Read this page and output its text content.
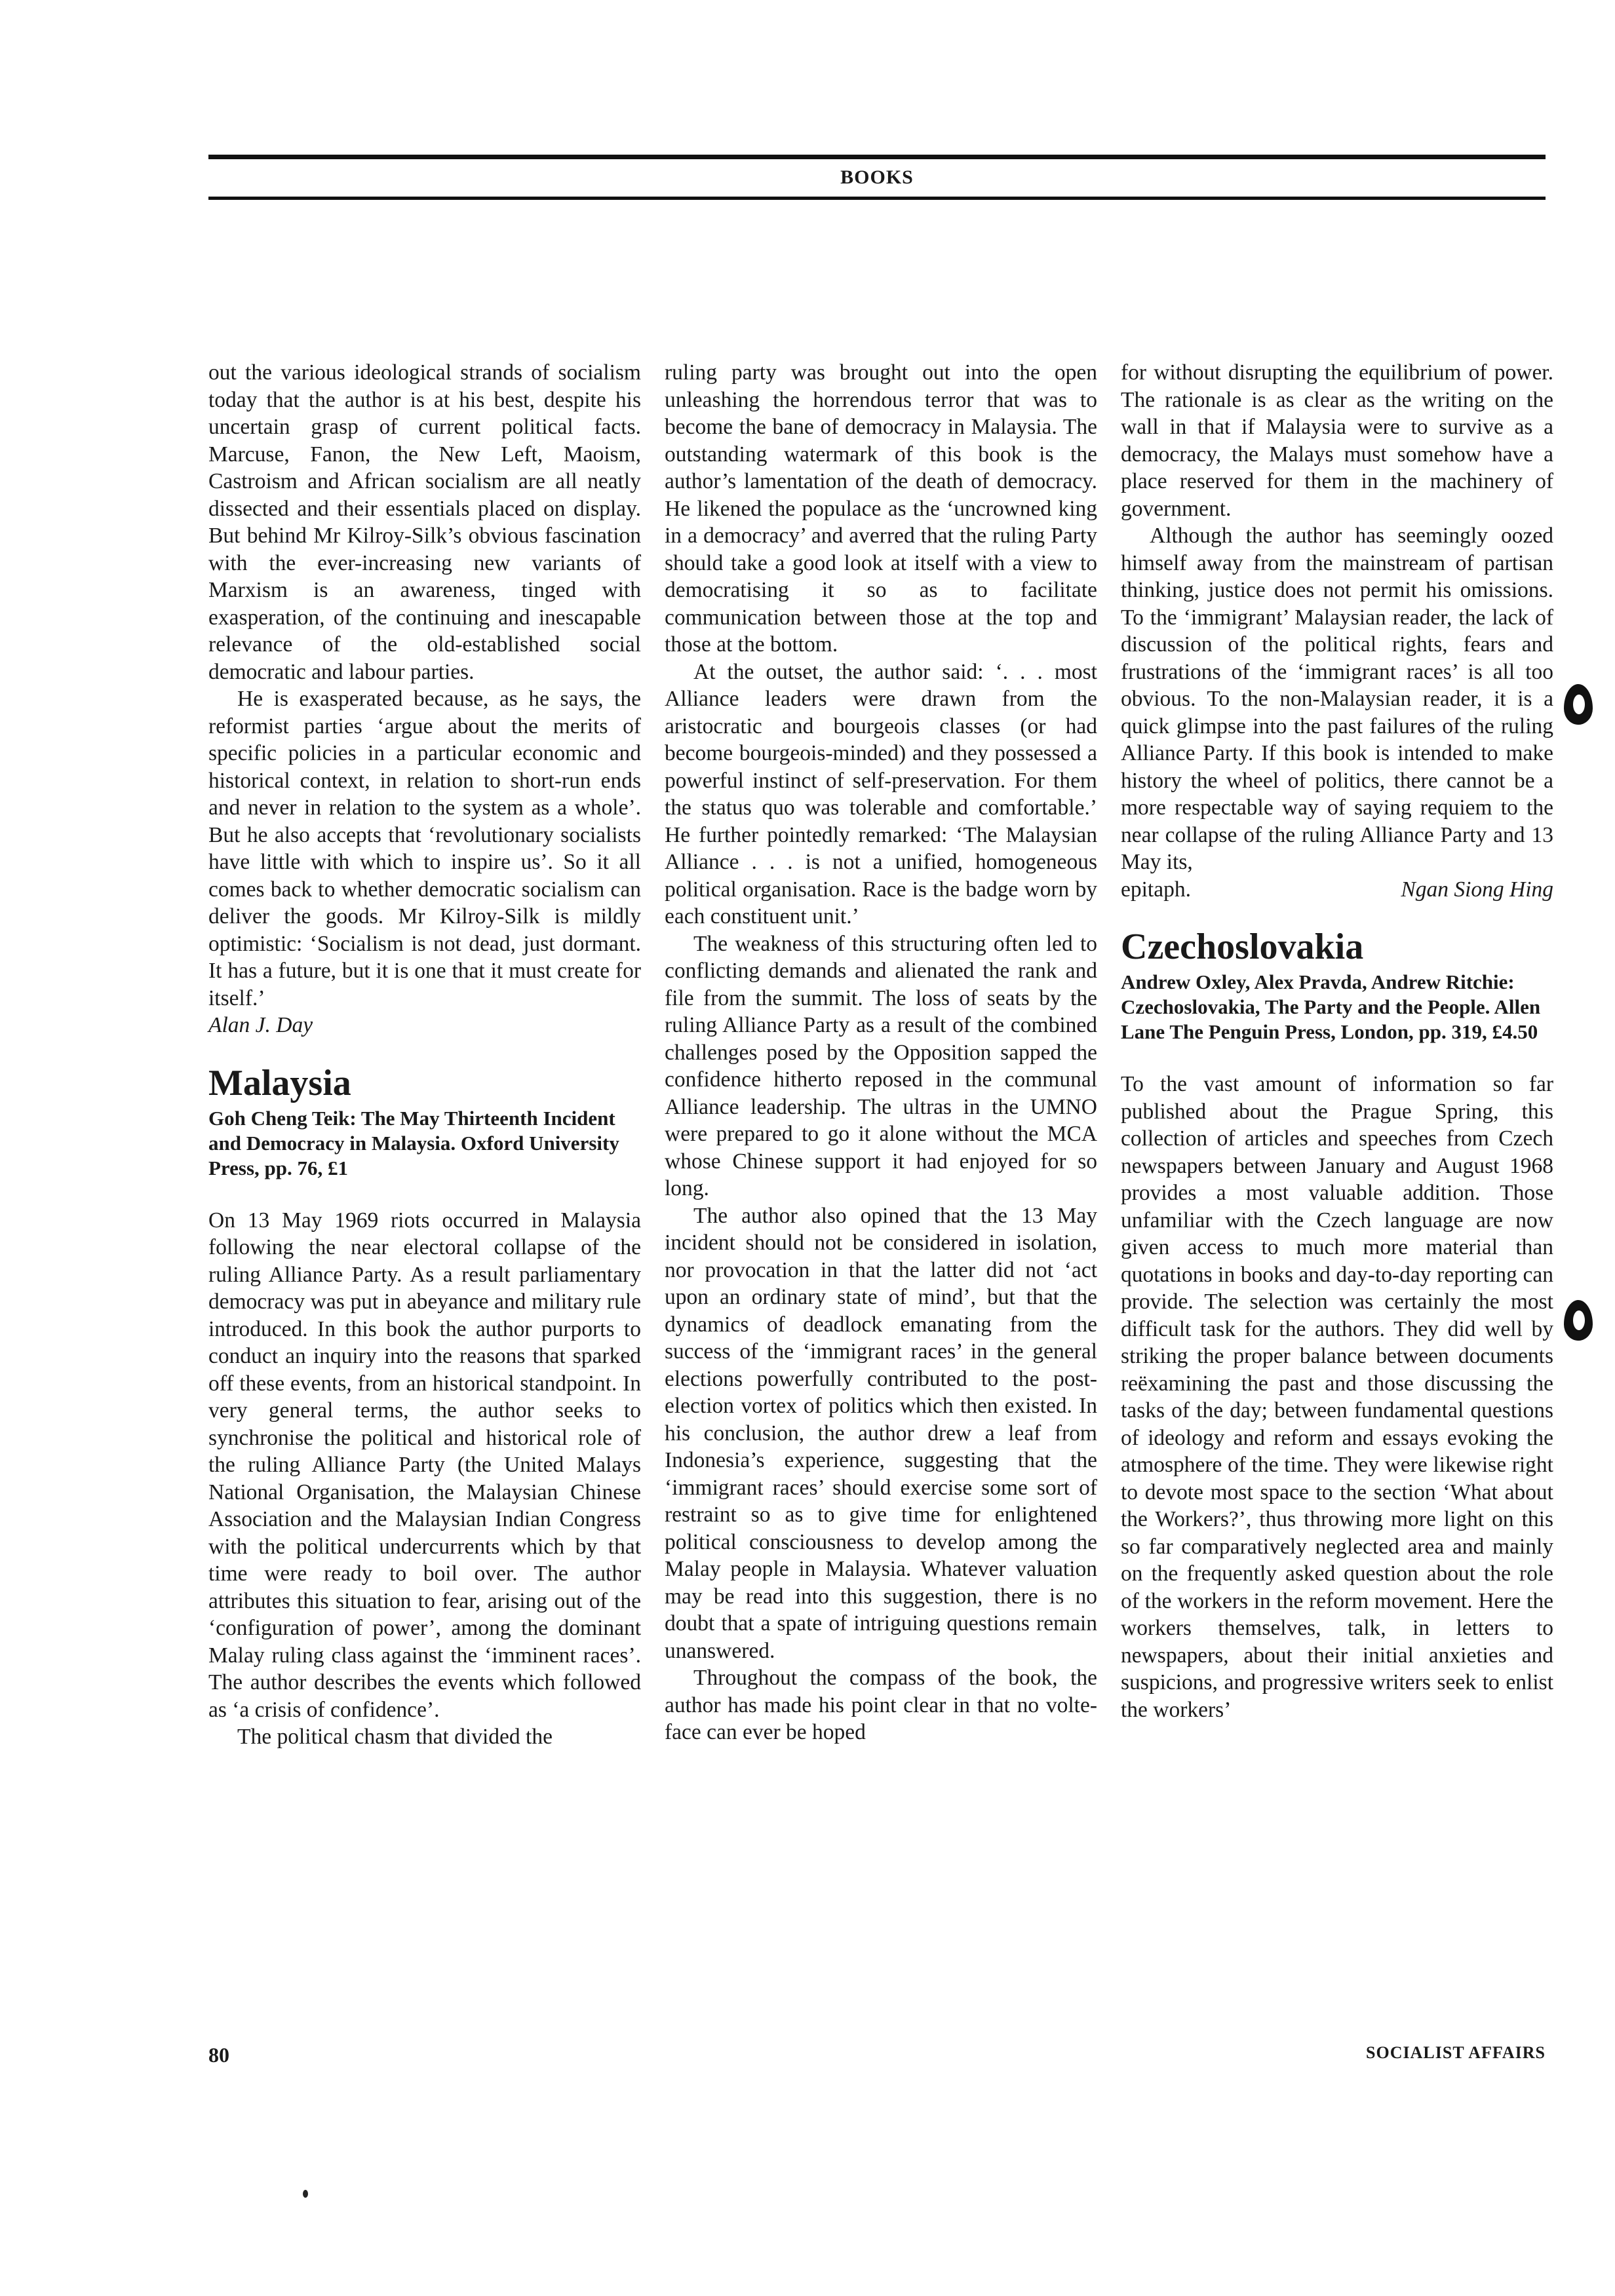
BOOKS

out the various ideological strands of socialism today that the author is at his best, despite his uncertain grasp of current political facts. Marcuse, Fanon, the New Left, Maoism, Castroism and African socialism are all neatly dissected and their essentials placed on display. But behind Mr Kilroy-Silk’s obvious fascination with the ever-increasing new variants of Marxism is an awareness, tinged with exasperation, of the continuing and inescapable relevance of the old-established social democratic and labour parties.

He is exasperated because, as he says, the reformist parties ‘argue about the merits of specific policies in a particular economic and historical context, in relation to short-run ends and never in relation to the system as a whole’. But he also accepts that ‘revolutionary socialists have little with which to inspire us’. So it all comes back to whether democratic socialism can deliver the goods. Mr Kilroy-Silk is mildly optimistic: ‘Socialism is not dead, just dormant. It has a future, but it is one that it must create for itself.’

Alan J. Day

Malaysia
Goh Cheng Teik: The May Thirteenth Incident and Democracy in Malaysia. Oxford University Press, pp. 76, £1

On 13 May 1969 riots occurred in Malaysia following the near electoral collapse of the ruling Alliance Party. As a result parliamentary democracy was put in abeyance and military rule introduced. In this book the author purports to conduct an inquiry into the reasons that sparked off these events, from an historical standpoint. In very general terms, the author seeks to synchronise the political and historical role of the ruling Alliance Party (the United Malays National Organisation, the Malaysian Chinese Association and the Malaysian Indian Congress with the political undercurrents which by that time were ready to boil over. The author attributes this situation to fear, arising out of the ‘configuration of power’, among the dominant Malay ruling class against the ‘imminent races’. The author describes the events which followed as ‘a crisis of confidence’.

The political chasm that divided the

ruling party was brought out into the open unleashing the horrendous terror that was to become the bane of democracy in Malaysia. The outstanding watermark of this book is the author’s lamentation of the death of democracy. He likened the populace as the ‘uncrowned king in a democracy’ and averred that the ruling Party should take a good look at itself with a view to democratising it so as to facilitate communication between those at the top and those at the bottom.

At the outset, the author said: ‘. . . most Alliance leaders were drawn from the aristocratic and bourgeois classes (or had become bourgeois-minded) and they possessed a powerful instinct of self-preservation. For them the status quo was tolerable and comfortable.’ He further pointedly remarked: ‘The Malaysian Alliance . . . is not a unified, homogeneous political organisation. Race is the badge worn by each constituent unit.’

The weakness of this structuring often led to conflicting demands and alienated the rank and file from the summit. The loss of seats by the ruling Alliance Party as a result of the combined challenges posed by the Opposition sapped the confidence hitherto reposed in the communal Alliance leadership. The ultras in the UMNO were prepared to go it alone without the MCA whose Chinese support it had enjoyed for so long.

The author also opined that the 13 May incident should not be considered in isolation, nor provocation in that the latter did not ‘act upon an ordinary state of mind’, but that the dynamics of deadlock emanating from the success of the ‘immigrant races’ in the general elections powerfully contributed to the post-election vortex of politics which then existed. In his conclusion, the author drew a leaf from Indonesia’s experience, suggesting that the ‘immigrant races’ should exercise some sort of restraint so as to give time for enlightened political consciousness to develop among the Malay people in Malaysia. Whatever valuation may be read into this suggestion, there is no doubt that a spate of intriguing questions remain unanswered.

Throughout the compass of the book, the author has made his point clear in that no volte-face can ever be hoped

for without disrupting the equilibrium of power. The rationale is as clear as the writing on the wall in that if Malaysia were to survive as a democracy, the Malays must somehow have a place reserved for them in the machinery of government.

Although the author has seemingly oozed himself away from the mainstream of partisan thinking, justice does not permit his omissions. To the ‘immigrant’ Malaysian reader, the lack of discussion of the political rights, fears and frustrations of the ‘immigrant races’ is all too obvious. To the non-Malaysian reader, it is a quick glimpse into the past failures of the ruling Alliance Party. If this book is intended to make history the wheel of politics, there cannot be a more respectable way of saying requiem to the near collapse of the ruling Alliance Party and 13 May its,

epitaph.	Ngan Siong Hing
Czechoslovakia
Andrew Oxley, Alex Pravda, Andrew Ritchie: Czechoslovakia, The Party and the People. Allen Lane The Penguin Press, London, pp. 319, £4.50

To the vast amount of information so far published about the Prague Spring, this collection of articles and speeches from Czech newspapers between January and August 1968 provides a most valuable addition. Those unfamiliar with the Czech language are now given access to much more material than quotations in books and day-to-day reporting can provide. The selection was certainly the most difficult task for the authors. They did well by striking the proper balance between documents reëxamining the past and those discussing the tasks of the day; between fundamental questions of ideology and reform and essays evoking the atmosphere of the time. They were likewise right to devote most space to the section ‘What about the Workers?’, thus throwing more light on this so far comparatively neglected area and mainly on the frequently asked question about the role of the workers in the reform movement. Here the workers themselves, talk, in letters to newspapers, about their initial anxieties and suspicions, and progressive writers seek to enlist the workers’

80	SOCIALIST AFFAIRS
